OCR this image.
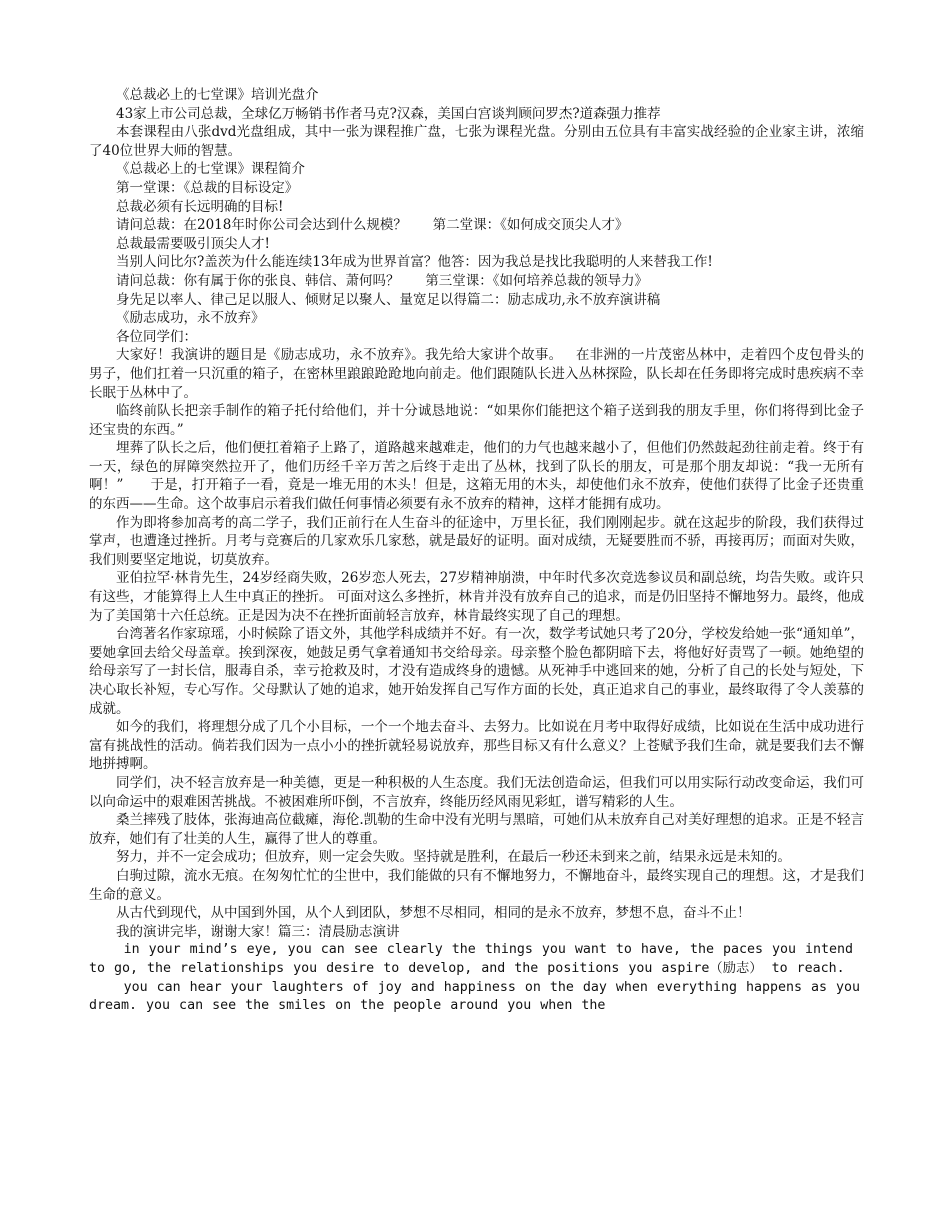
《总裁必上的七堂课》培训光盘介

43家上市公司总裁，全球亿万畅销书作者马克?汉森，美国白宫谈判顾问罗杰?道森强力推荐

本套课程由八张dvd光盘组成，其中一张为课程推广盘，七张为课程光盘。分别由五位具有丰富实战经验的企业家主讲，浓缩了40位世界大师的智慧。

《总裁必上的七堂课》课程简介

第一堂课：《总裁的目标设定》

总裁必须有长远明确的目标!

请问总裁：在2018年时你公司会达到什么规模？      第二堂课：《如何成交顶尖人才》

总裁最需要吸引顶尖人才!

当别人问比尔?盖茨为什么能连续13年成为世界首富？他答：因为我总是找比我聪明的人来替我工作!

请问总裁：你有属于你的张良、韩信、萧何吗？      第三堂课：《如何培养总裁的领导力》

身先足以率人、律己足以服人、倾财足以聚人、量宽足以得篇二：励志成功,永不放弃演讲稿

《励志成功，永不放弃》

各位同学们：

大家好！我演讲的题目是《励志成功，永不放弃》。我先给大家讲个故事。   在非洲的一片茂密丛林中，走着四个皮包骨头的男子，他们扛着一只沉重的箱子，在密林里踉踉跄跄地向前走。他们跟随队长进入丛林探险，队长却在任务即将完成时患疾病不幸长眠于丛林中了。

临终前队长把亲手制作的箱子托付给他们，并十分诚恳地说：“如果你们能把这个箱子送到我的朋友手里，你们将得到比金子还宝贵的东西。”

埋葬了队长之后，他们便扛着箱子上路了，道路越来越难走，他们的力气也越来越小了，但他们仍然鼓起劲往前走着。终于有一天，绿色的屏障突然拉开了，他们历经千辛万苦之后终于走出了丛林，找到了队长的朋友，可是那个朋友却说：“我一无所有啊！”      于是，打开箱子一看，竟是一堆无用的木头！但是，这箱无用的木头，却使他们永不放弃，使他们获得了比金子还贵重的东西——生命。这个故事启示着我们做任何事情必须要有永不放弃的精神，这样才能拥有成功。

作为即将参加高考的高二学子，我们正前行在人生奋斗的征途中，万里长征，我们刚刚起步。就在这起步的阶段，我们获得过掌声，也遭逢过挫折。月考与竞赛后的几家欢乐几家愁，就是最好的证明。面对成绩，无疑要胜而不骄，再接再厉；而面对失败，我们则要坚定地说，切莫放弃。

亚伯拉罕·林肯先生，24岁经商失败，26岁恋人死去，27岁精神崩溃，中年时代多次竞选参议员和副总统，均告失败。或许只有这些，才能算得上人生中真正的挫折。 可面对这么多挫折，林肯并没有放弃自己的追求，而是仍旧坚持不懈地努力。最终，他成为了美国第十六任总统。正是因为决不在挫折面前轻言放弃，林肯最终实现了自己的理想。

台湾著名作家琼瑶，小时候除了语文外，其他学科成绩并不好。有一次，数学考试她只考了20分，学校发给她一张“通知单”，要她拿回去给父母盖章。挨到深夜，她鼓足勇气拿着通知书交给母亲。母亲整个脸色都阴暗下去，将他好好责骂了一顿。她绝望的给母亲写了一封长信，服毒自杀，幸亏抢救及时，才没有造成终身的遗憾。从死神手中逃回来的她，分析了自己的长处与短处，下决心取长补短，专心写作。父母默认了她的追求，她开始发挥自己写作方面的长处，真正追求自己的事业，最终取得了令人羡慕的成就。

如今的我们，将理想分成了几个小目标，一个一个地去奋斗、去努力。比如说在月考中取得好成绩，比如说在生活中成功进行富有挑战性的活动。倘若我们因为一点小小的挫折就轻易说放弃，那些目标又有什么意义？上苍赋予我们生命，就是要我们去不懈地拼搏啊。

同学们，决不轻言放弃是一种美德，更是一种积极的人生态度。我们无法创造命运，但我们可以用实际行动改变命运，我们可以向命运中的艰难困苦挑战。不被困难所吓倒，不言放弃，终能历经风雨见彩虹，谱写精彩的人生。

桑兰摔残了肢体，张海迪高位截瘫，海伦.凯勒的生命中没有光明与黑暗，可她们从未放弃自己对美好理想的追求。正是不轻言放弃，她们有了壮美的人生，赢得了世人的尊重。

努力，并不一定会成功；但放弃，则一定会失败。坚持就是胜利，在最后一秒还未到来之前，结果永远是未知的。

白驹过隙，流水无痕。在匆匆忙忙的尘世中，我们能做的只有不懈地努力，不懈地奋斗，最终实现自己的理想。这，才是我们生命的意义。

从古代到现代，从中国到外国，从个人到团队，梦想不尽相同，相同的是永不放弃，梦想不息，奋斗不止！

我的演讲完毕，谢谢大家！篇三：清晨励志演讲

in your mind’s eye, you can see clearly the things you want to have, the paces you intend to go, the relationships you desire to develop, and the positions you aspire（励志） to reach.

you can hear your laughters of joy and happiness on the day when everything happens as you dream. you can see the smiles on the people around you when the
